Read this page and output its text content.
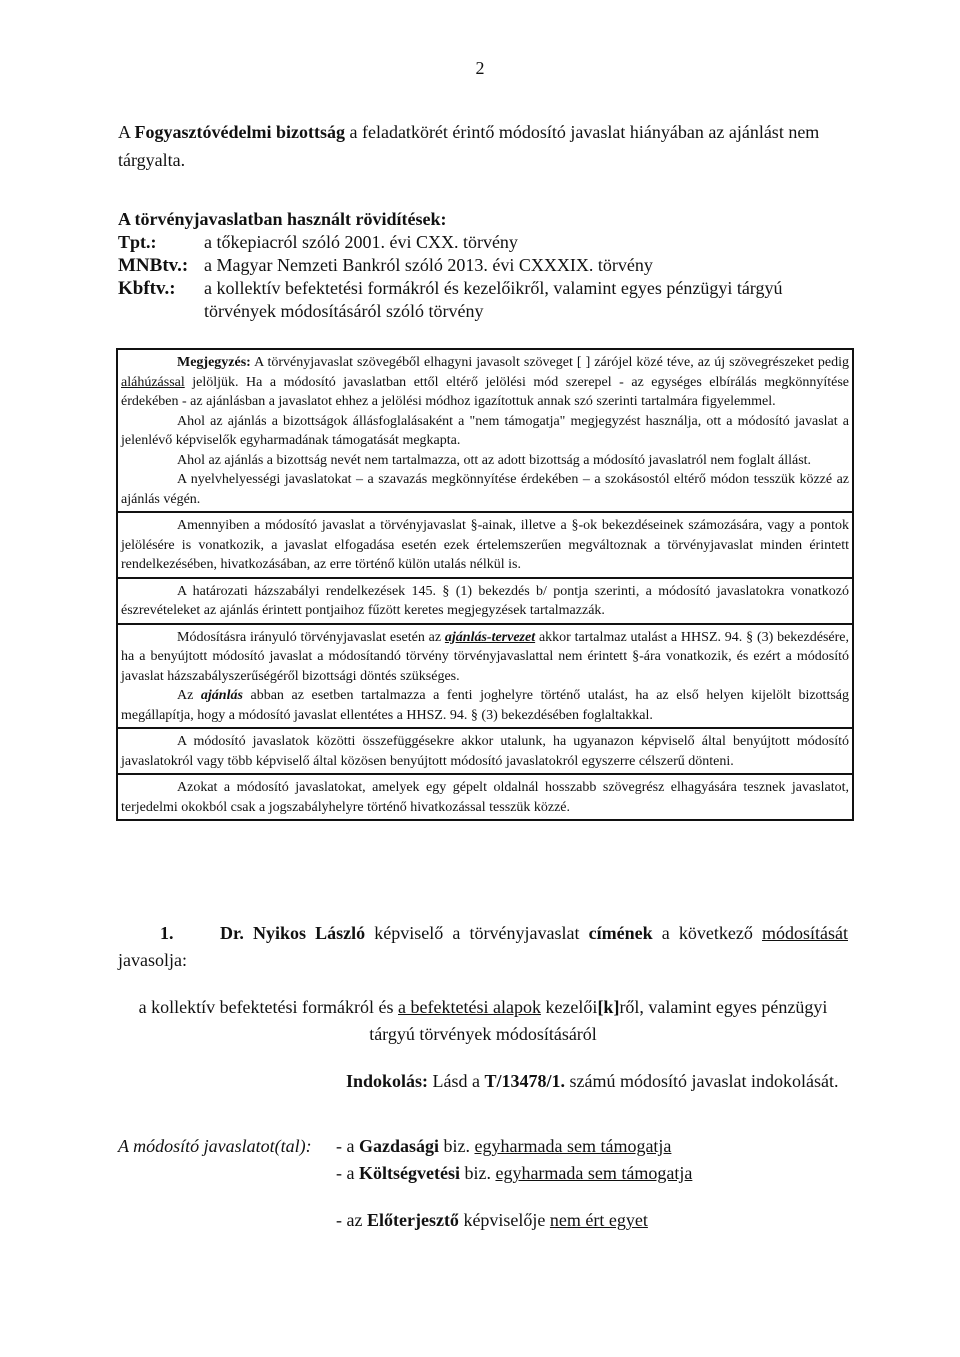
2
A Fogyasztóvédelmi bizottság a feladatkörét érintő módosító javaslat hiányában az ajánlást nem tárgyalta.
A törvényjavaslatban használt rövidítések:
Tpt.:	a tőkepiacról szóló 2001. évi CXX. törvény
MNBtv.: a Magyar Nemzeti Bankról szóló 2013. évi CXXXIX. törvény
Kbftv.:	a kollektív befektetési formákról és kezelőikről, valamint egyes pénzügyi tárgyú törvények módosításáról szóló törvény

Megjegyzés: A törvényjavaslat szövegéből elhagyni javasolt szöveget [ ] zárójel közé téve, az új szövegrészeket pedig aláhúzással jelöljük. Ha a módosító javaslatban ettől eltérő jelölési mód szerepel - az egységes elbírálás megkönnyítése érdekében - az ajánlásban a javaslatot ehhez a jelölési módhoz igazítottuk annak szó szerinti tartalmára figyelemmel.

Ahol az ajánlás a bizottságok állásfoglalásaként a "nem támogatja" megjegyzést használja, ott a módosító javaslat a jelenlévő képviselők egyharmadának támogatását megkapta.

Ahol az ajánlás a bizottság nevét nem tartalmazza, ott az adott bizottság a módosító javaslatról nem foglalt állást.

A nyelvhelyességi javaslatokat – a szavazás megkönnyítése érdekében – a szokásostól eltérő módon tesszük közzé az ajánlás végén.

Amennyiben a módosító javaslat a törvényjavaslat §-ainak, illetve a §-ok bekezdéseinek számozására, vagy a pontok jelölésére is vonatkozik, a javaslat elfogadása esetén ezek értelemszerűen megváltoznak a törvényjavaslat minden érintett rendelkezésében, hivatkozásában, az erre történő külön utalás nélkül is.

A határozati házszabályi rendelkezések 145. § (1) bekezdés b/ pontja szerinti, a módosító javaslatokra vonatkozó észrevételeket az ajánlás érintett pontjaihoz fűzött keretes megjegyzések tartalmazzák.

Módosításra irányuló törvényjavaslat esetén az ajánlás-tervezet akkor tartalmaz utalást a HHSZ. 94. § (3) bekezdésére, ha a benyújtott módosító javaslat a módosítandó törvény törvényjavaslattal nem érintett §-ára vonatkozik, és ezért a módosító javaslat házszabályszerűségéről bizottsági döntés szükséges.

Az ajánlás abban az esetben tartalmazza a fenti joghelyre történő utalást, ha az első helyen kijelölt bizottság megállapítja, hogy a módosító javaslat ellentétes a HHSZ. 94. § (3) bekezdésében foglaltakkal.

A módosító javaslatok közötti összefüggésekre akkor utalunk, ha ugyanazon képviselő által benyújtott módosító javaslatokról vagy több képviselő által közösen benyújtott módosító javaslatokról egyszerre célszerű dönteni.

Azokat a módosító javaslatokat, amelyek egy gépelt oldalnál hosszabb szövegrész elhagyására tesznek javaslatot, terjedelmi okokból csak a jogszabályhelyre történő hivatkozással tesszük közzé.

1.	Dr. Nyikos László képviselő a törvényjavaslat címének a következő módosítását javasolja:
a kollektív befektetési formákról és a befektetési alapok kezelői[k]ről, valamint egyes pénzügyi tárgyú törvények módosításáról
Indokolás: Lásd a T/13478/1. számú módosító javaslat indokolását.
A módosító javaslatot(tal):	- a Gazdasági biz. egyharmada sem támogatja
- a Költségvetési biz. egyharmada sem támogatja
- az Előterjesztő képviselője nem ért egyet
